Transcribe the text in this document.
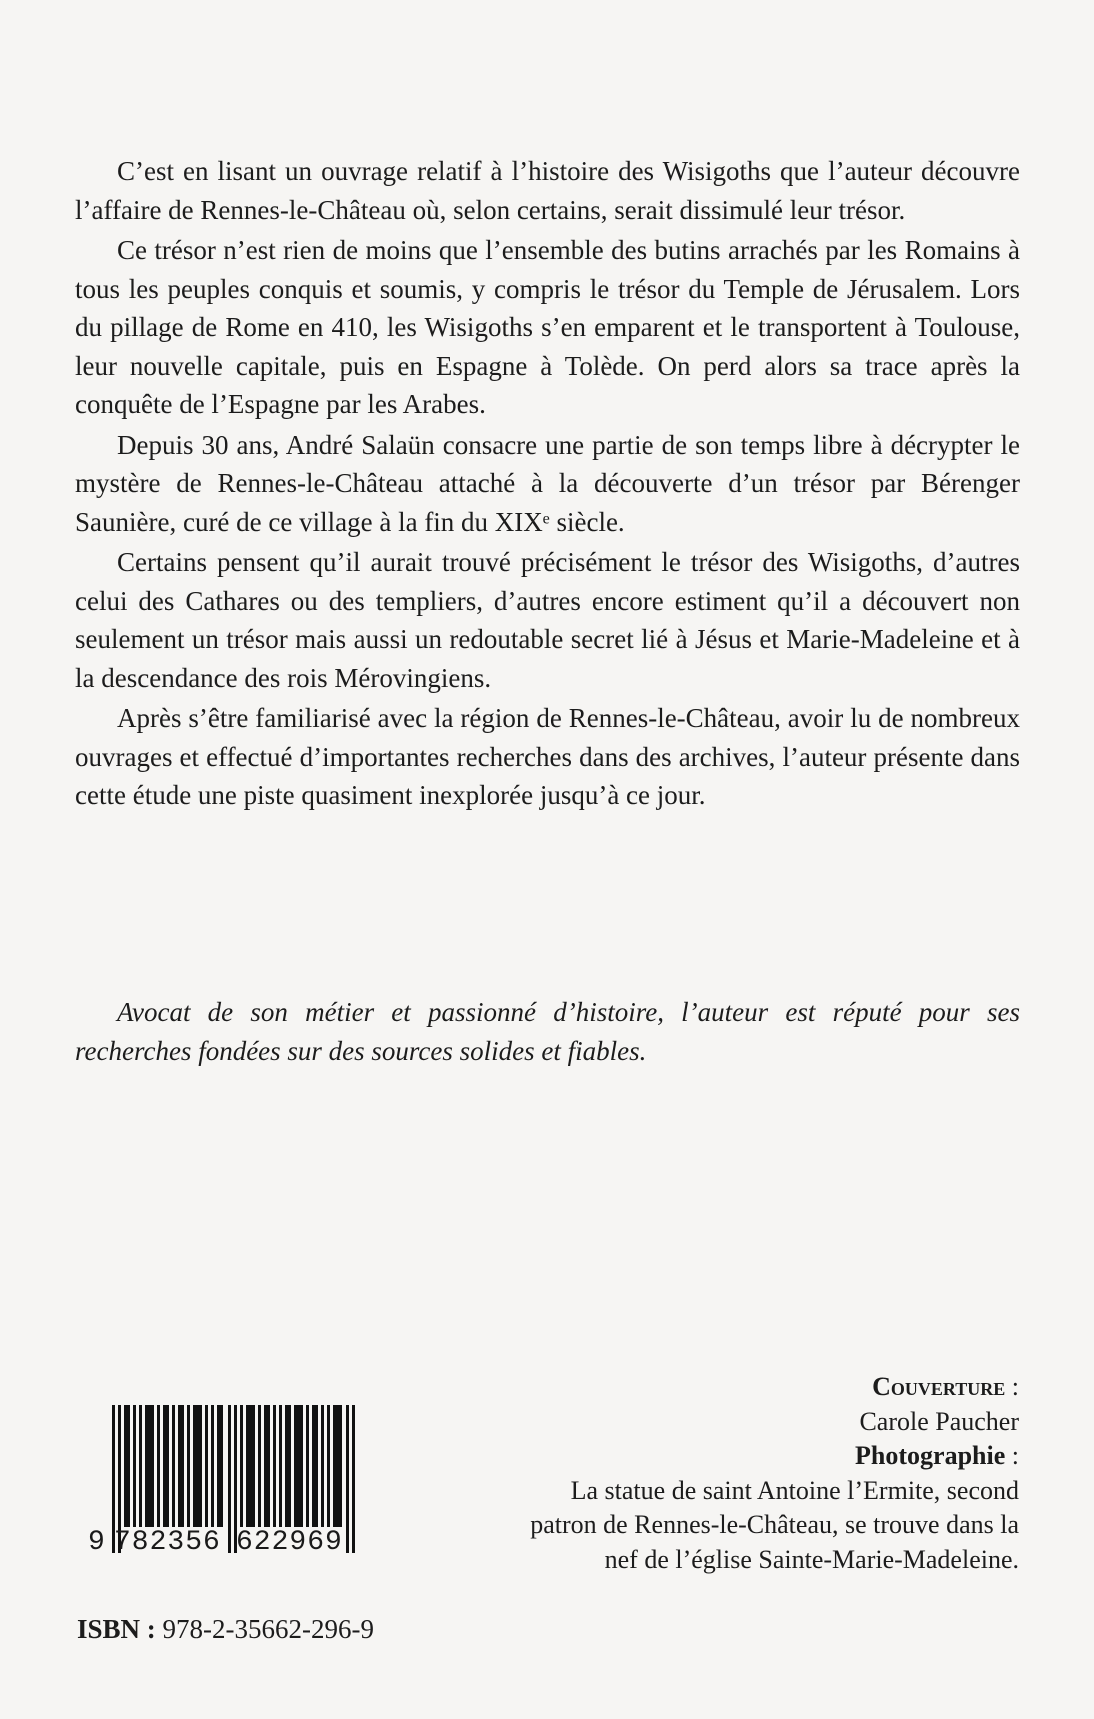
C’est en lisant un ouvrage relatif à l’histoire des Wisigoths que l’auteur découvre l’affaire de Rennes-le-Château où, selon certains, serait dissimulé leur trésor.

Ce trésor n’est rien de moins que l’ensemble des butins arrachés par les Romains à tous les peuples conquis et soumis, y compris le trésor du Temple de Jérusalem. Lors du pillage de Rome en 410, les Wisigoths s’en emparent et le transportent à Toulouse, leur nouvelle capitale, puis en Espagne à Tolède. On perd alors sa trace après la conquête de l’Espagne par les Arabes.

Depuis 30 ans, André Salaün consacre une partie de son temps libre à décrypter le mystère de Rennes-le-Château attaché à la découverte d’un trésor par Bérenger Saunière, curé de ce village à la fin du XIXᵉ siècle.

Certains pensent qu’il aurait trouvé précisément le trésor des Wisigoths, d’autres celui des Cathares ou des templiers, d’autres encore estiment qu’il a découvert non seulement un trésor mais aussi un redoutable secret lié à Jésus et Marie-Madeleine et à la descendance des rois Mérovingiens.

Après s’être familiarisé avec la région de Rennes-le-Château, avoir lu de nombreux ouvrages et effectué d’importantes recherches dans des archives, l’auteur présente dans cette étude une piste quasiment inexplorée jusqu’à ce jour.

Avocat de son métier et passionné d’histoire, l’auteur est réputé pour ses recherches fondées sur des sources solides et fiables.

Couverture :
Carole Paucher
Photographie :
La statue de saint Antoine l’Ermite, second
patron de Rennes-le-Château, se trouve dans la
nef de l’église Sainte-Marie-Madeleine.
9 782356 622969
ISBN : 978-2-35662-296-9
